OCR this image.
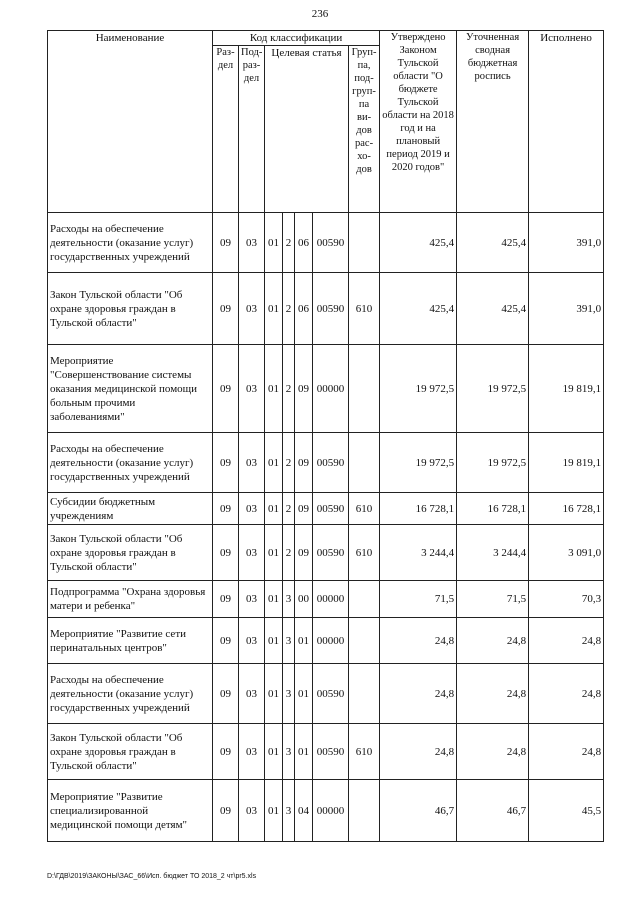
236
Наименование	Код классификации							Утверждено Законом Тульской области "О бюджете Тульской области на 2018 год и на плановый период 2019 и 2020 годов"	Уточненная сводная бюджетная роспись	Исполнено
	Раз-дел	Под-раз-дел	Целевая статья				Груп-па, под-груп-па ви-дов рас-хо-дов			
Расходы на обеспечение деятельности (оказание услуг) государственных учреждений	09	03	01	2	06	00590		425,4	425,4	391,0
Закон Тульской области "Об охране здоровья граждан в Тульской области"	09	03	01	2	06	00590	610	425,4	425,4	391,0
Мероприятие "Совершенствование системы оказания медицинской помощи больным прочими заболеваниями"	09	03	01	2	09	00000		19 972,5	19 972,5	19 819,1
Расходы на обеспечение деятельности (оказание услуг) государственных учреждений	09	03	01	2	09	00590		19 972,5	19 972,5	19 819,1
Субсидии бюджетным учреждениям	09	03	01	2	09	00590	610	16 728,1	16 728,1	16 728,1
Закон Тульской области "Об охране здоровья граждан в Тульской области"	09	03	01	2	09	00590	610	3 244,4	3 244,4	3 091,0
Подпрограмма "Охрана здоровья матери и ребенка"	09	03	01	3	00	00000		71,5	71,5	70,3
Мероприятие "Развитие сети перинатальных центров"	09	03	01	3	01	00000		24,8	24,8	24,8
Расходы на обеспечение деятельности (оказание услуг) государственных учреждений	09	03	01	3	01	00590		24,8	24,8	24,8
Закон Тульской области "Об охране здоровья граждан в Тульской области"	09	03	01	3	01	00590	610	24,8	24,8	24,8
Мероприятие "Развитие специализированной медицинской помощи детям"	09	03	01	3	04	00000		46,7	46,7	45,5
D:\ГДВ\2019\ЗАКОНЫ\ЗАС_66\Исп. бюджет ТО 2018_2 чт\pr5.xls
